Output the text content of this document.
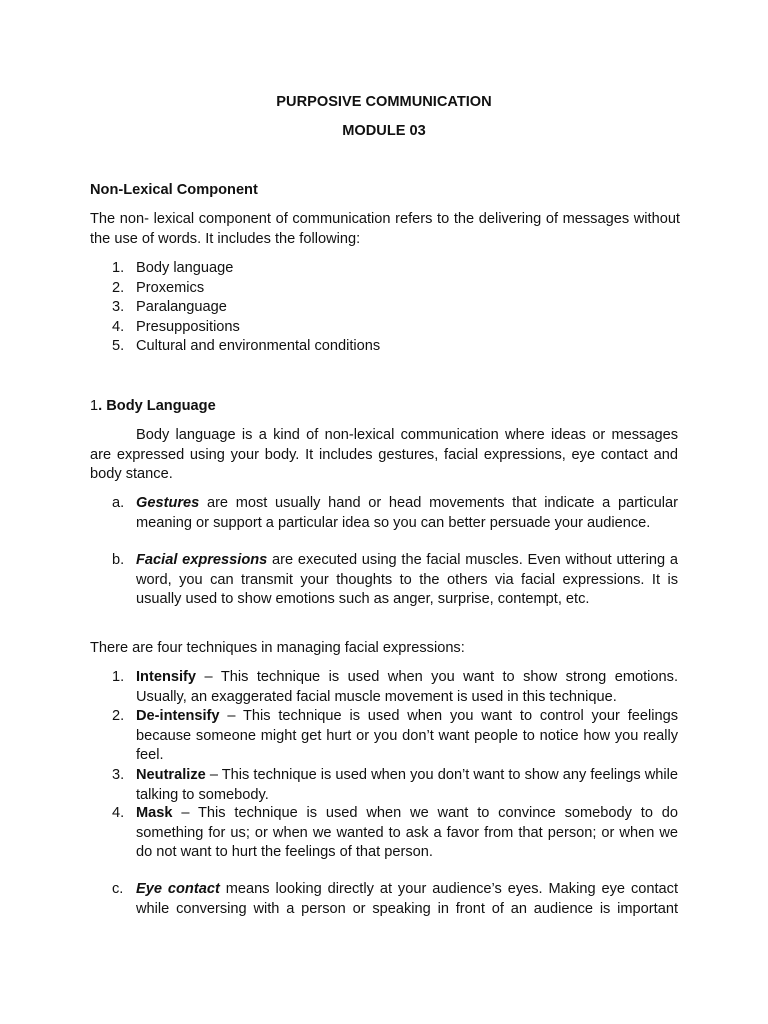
PURPOSIVE COMMUNICATION
MODULE 03
Non-Lexical Component
The non- lexical component of communication refers to the delivering of messages without the use of words. It includes the following:
1. Body language
2. Proxemics
3. Paralanguage
4. Presuppositions
5. Cultural and environmental conditions
1. Body Language
Body language is a kind of non-lexical communication where ideas or messages are expressed using your body. It includes gestures, facial expressions, eye contact and body stance.
a. Gestures are most usually hand or head movements that indicate a particular meaning or support a particular idea so you can better persuade your audience.
b. Facial expressions are executed using the facial muscles. Even without uttering a word, you can transmit your thoughts to the others via facial expressions. It is usually used to show emotions such as anger, surprise, contempt, etc.
There are four techniques in managing facial expressions:
1. Intensify – This technique is used when you want to show strong emotions. Usually, an exaggerated facial muscle movement is used in this technique.
2. De-intensify – This technique is used when you want to control your feelings because someone might get hurt or you don’t want people to notice how you really feel.
3. Neutralize – This technique is used when you don’t want to show any feelings while talking to somebody.
4. Mask – This technique is used when we want to convince somebody to do something for us; or when we wanted to ask a favor from that person; or when we do not want to hurt the feelings of that person.
c. Eye contact means looking directly at your audience’s eyes. Making eye contact while conversing with a person or speaking in front of an audience is important
